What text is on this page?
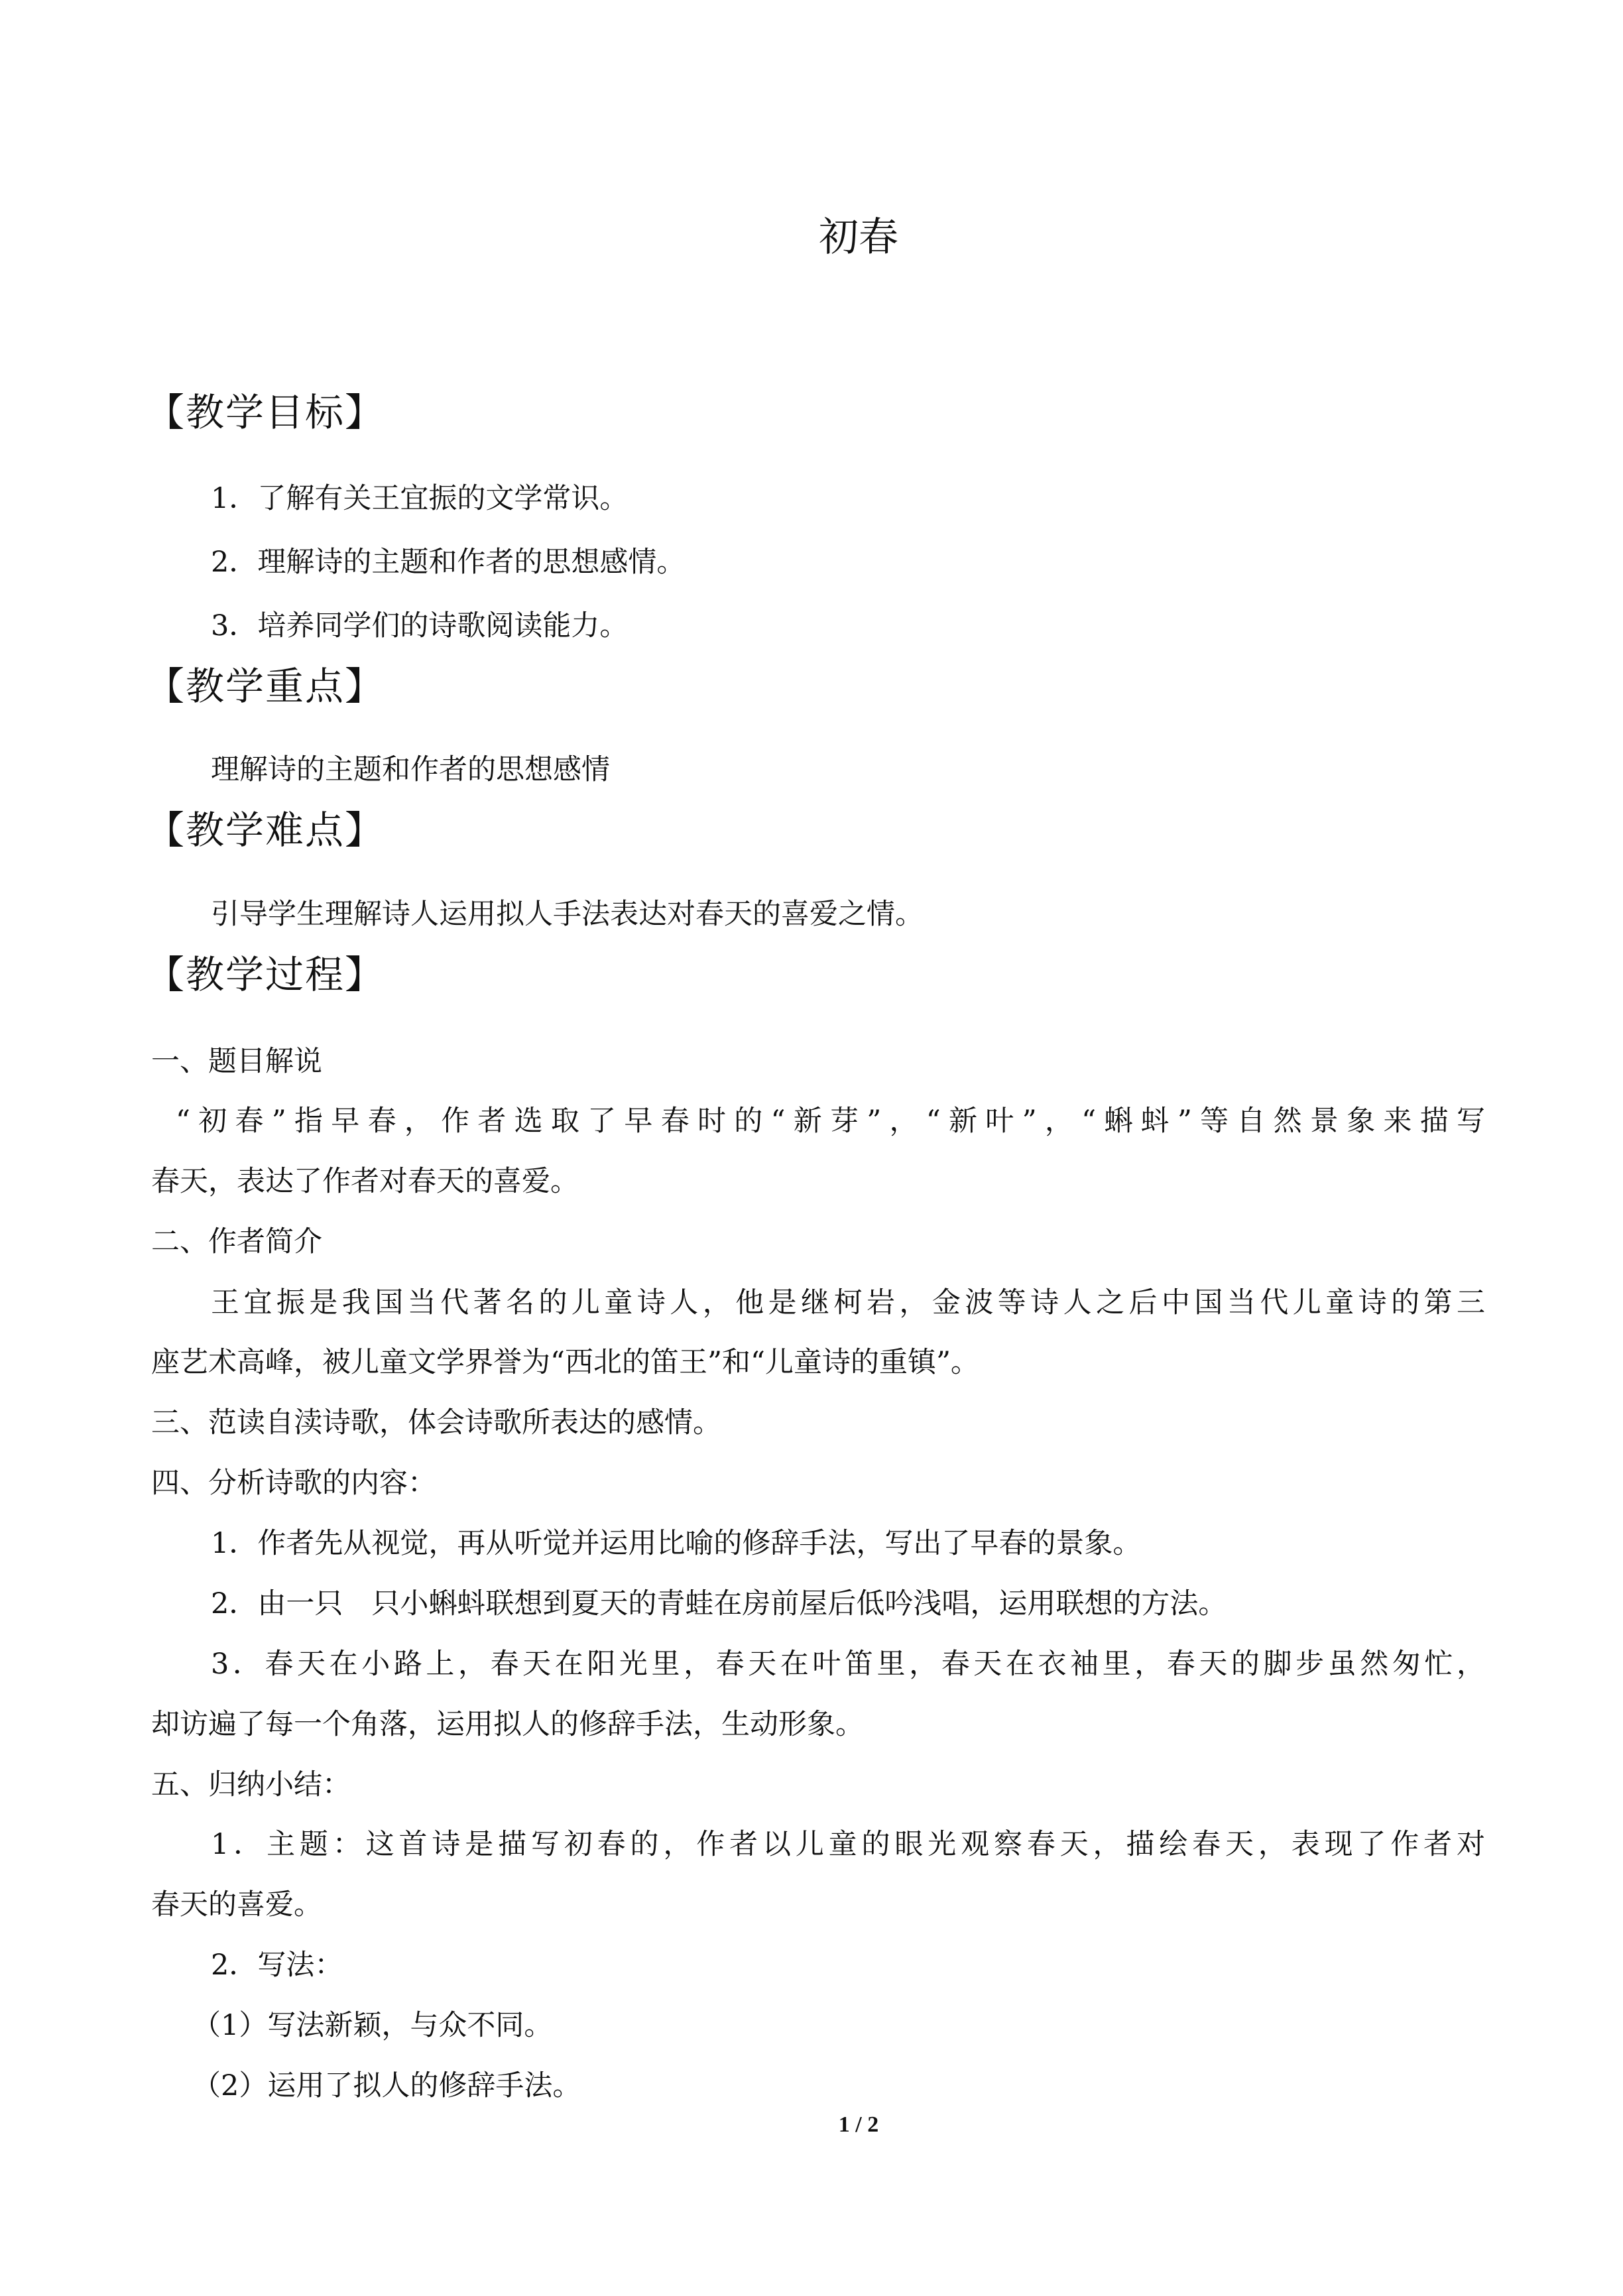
初春
【教学目标】
1．了解有关王宜振的文学常识。
2．理解诗的主题和作者的思想感情。
3．培养同学们的诗歌阅读能力。
【教学重点】
理解诗的主题和作者的思想感情
【教学难点】
引导学生理解诗人运用拟人手法表达对春天的喜爱之情。
【教学过程】
一、题目解说
“初春”指早春，作者选取了早春时的“新芽”，“新叶”，“蝌蚪”等自然景象来描写
春天，表达了作者对春天的喜爱。
二、作者简介
王宜振是我国当代著名的儿童诗人，他是继柯岩，金波等诗人之后中国当代儿童诗的第三
座艺术高峰，被儿童文学界誉为“西北的笛王”和“儿童诗的重镇”。
三、范读自渎诗歌，体会诗歌所表达的感情。
四、分析诗歌的内容：
1．作者先从视觉，再从听觉并运用比喻的修辞手法，写出了早春的景象。
2．由一只　只小蝌蚪联想到夏天的青蛙在房前屋后低吟浅唱，运用联想的方法。
3．春天在小路上，春天在阳光里，春天在叶笛里，春天在衣袖里，春天的脚步虽然匆忙，
却访遍了每一个角落，运用拟人的修辞手法，生动形象。
五、归纳小结：
1．主题：这首诗是描写初春的，作者以儿童的眼光观察春天，描绘春天，表现了作者对
春天的喜爱。
2．写法：
（1）写法新颖，与众不同。
（2）运用了拟人的修辞手法。
1 / 2
